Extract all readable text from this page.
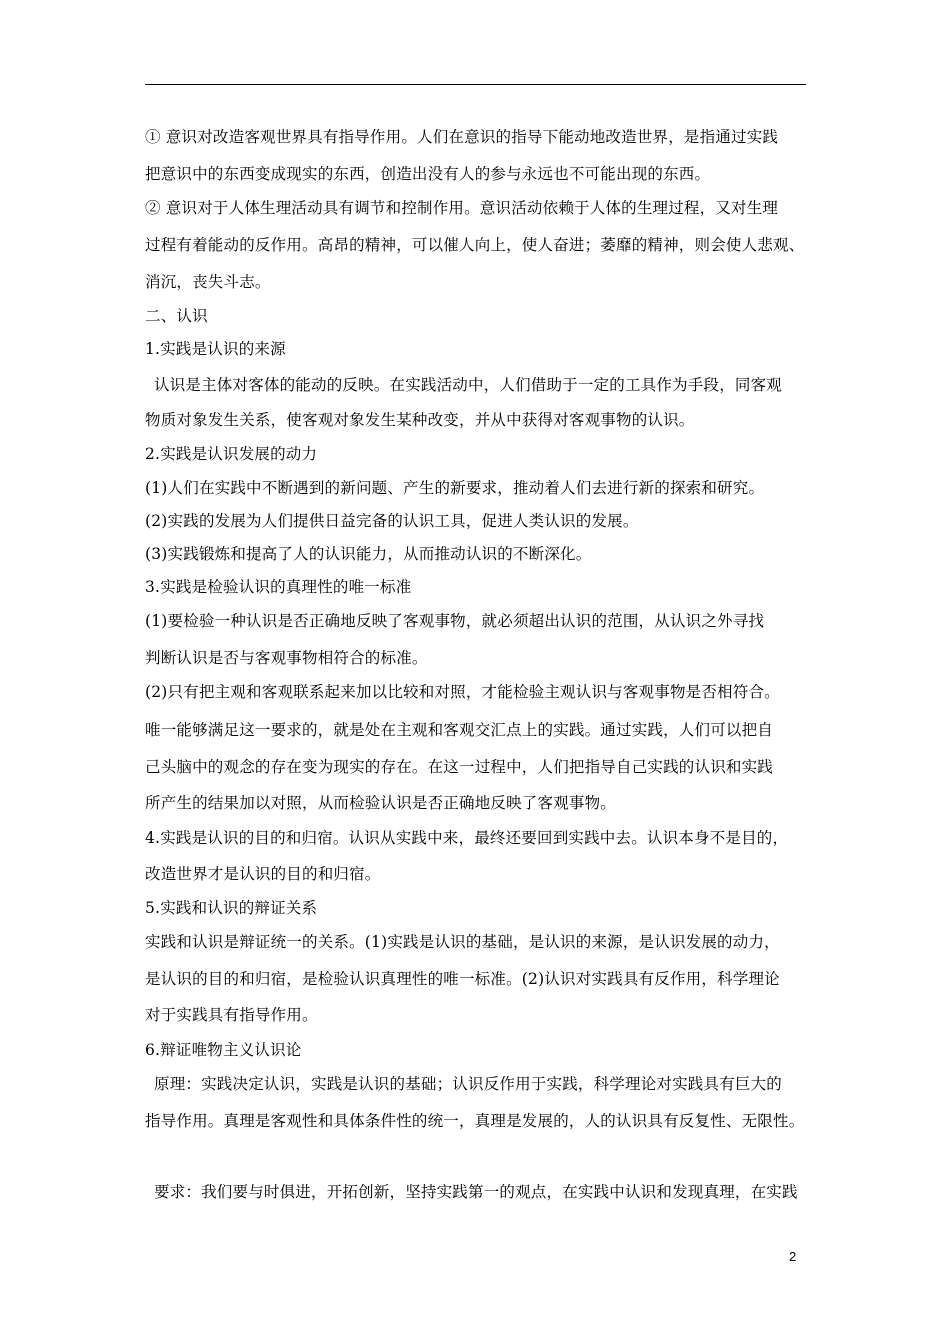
① 意识对改造客观世界具有指导作用。人们在意识的指导下能动地改造世界，是指通过实践
把意识中的东西变成现实的东西，创造出没有人的参与永远也不可能出现的东西。
② 意识对于人体生理活动具有调节和控制作用。意识活动依赖于人体的生理过程，又对生理
过程有着能动的反作用。高昂的精神，可以催人向上，使人奋进；萎靡的精神，则会使人悲观、
消沉，丧失斗志。
二、认识
1.实践是认识的来源
认识是主体对客体的能动的反映。在实践活动中，人们借助于一定的工具作为手段，同客观
物质对象发生关系，使客观对象发生某种改变，并从中获得对客观事物的认识。
2.实践是认识发展的动力
(1)人们在实践中不断遇到的新问题、产生的新要求，推动着人们去进行新的探索和研究。
(2)实践的发展为人们提供日益完备的认识工具，促进人类认识的发展。
(3)实践锻炼和提高了人的认识能力，从而推动认识的不断深化。
3.实践是检验认识的真理性的唯一标准
(1)要检验一种认识是否正确地反映了客观事物，就必须超出认识的范围，从认识之外寻找
判断认识是否与客观事物相符合的标准。
(2)只有把主观和客观联系起来加以比较和对照，才能检验主观认识与客观事物是否相符合。
唯一能够满足这一要求的，就是处在主观和客观交汇点上的实践。通过实践，人们可以把自
己头脑中的观念的存在变为现实的存在。在这一过程中，人们把指导自己实践的认识和实践
所产生的结果加以对照，从而检验认识是否正确地反映了客观事物。
4.实践是认识的目的和归宿。认识从实践中来，最终还要回到实践中去。认识本身不是目的，
改造世界才是认识的目的和归宿。
5.实践和认识的辩证关系
实践和认识是辩证统一的关系。(1)实践是认识的基础，是认识的来源，是认识发展的动力，
是认识的目的和归宿，是检验认识真理性的唯一标准。(2)认识对实践具有反作用，科学理论
对于实践具有指导作用。
6.辩证唯物主义认识论
原理：实践决定认识，实践是认识的基础；认识反作用于实践，科学理论对实践具有巨大的
指导作用。真理是客观性和具体条件性的统一，真理是发展的，人的认识具有反复性、无限性。
要求：我们要与时俱进，开拓创新，坚持实践第一的观点，在实践中认识和发现真理，在实践
2
